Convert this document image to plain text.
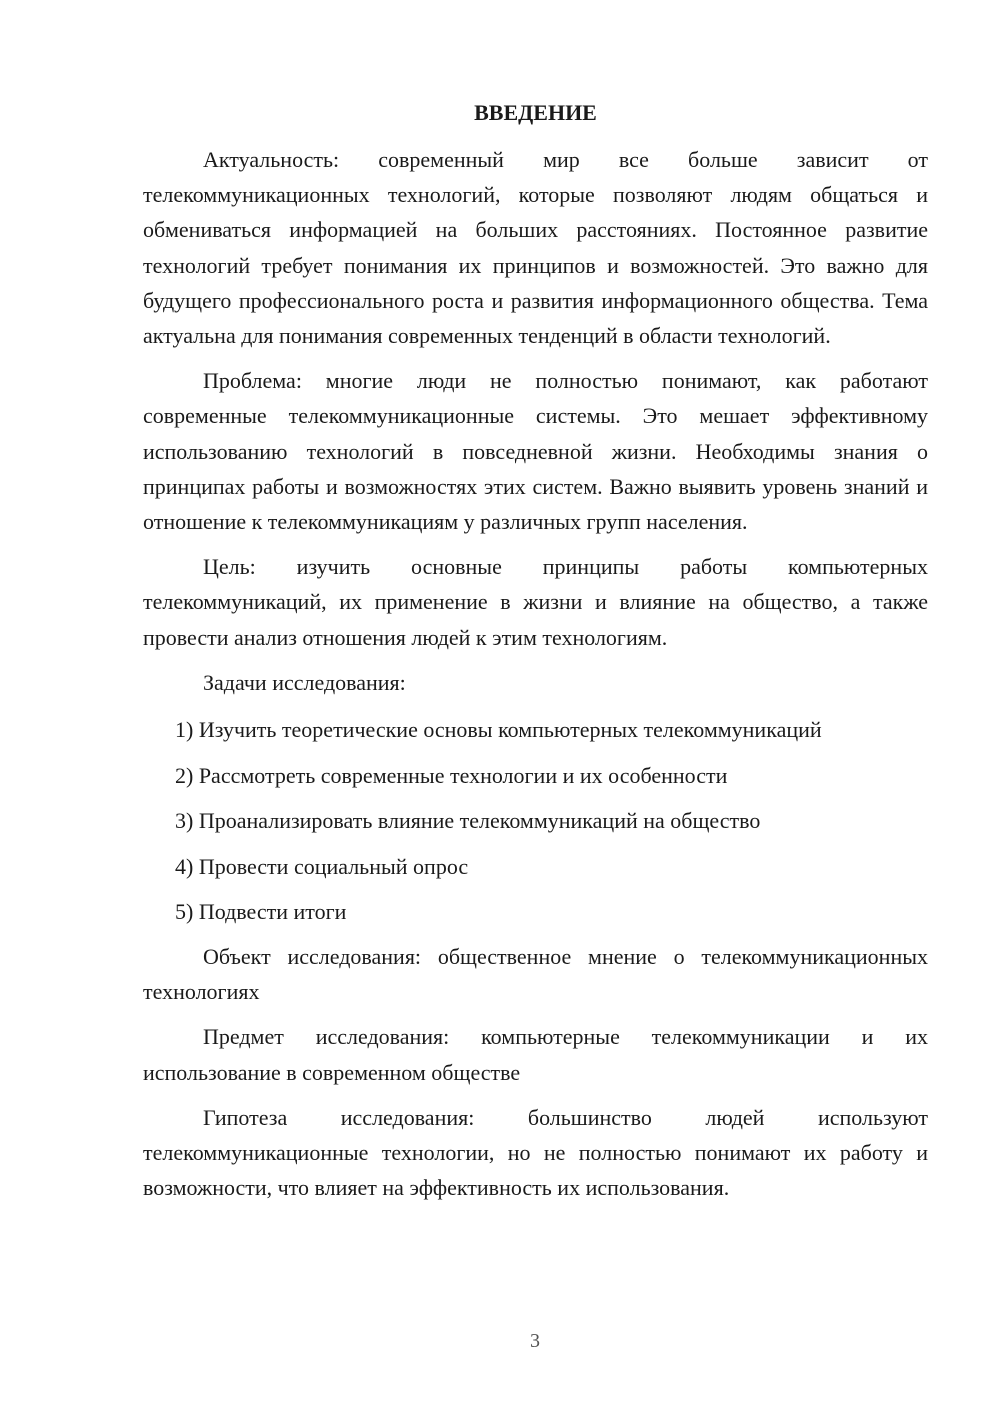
ВВЕДЕНИЕ

Актуальность: современный мир все больше зависит от телекоммуникационных технологий, которые позволяют людям общаться и обмениваться информацией на больших расстояниях. Постоянное развитие технологий требует понимания их принципов и возможностей. Это важно для будущего профессионального роста и развития информационного общества. Тема актуальна для понимания современных тенденций в области технологий.

Проблема: многие люди не полностью понимают, как работают современные телекоммуникационные системы. Это мешает эффективному использованию технологий в повседневной жизни. Необходимы знания о принципах работы и возможностях этих систем. Важно выявить уровень знаний и отношение к телекоммуникациям у различных групп населения.

Цель: изучить основные принципы работы компьютерных телекоммуникаций, их применение в жизни и влияние на общество, а также провести анализ отношения людей к этим технологиям.

Задачи исследования:

1) Изучить теоретические основы компьютерных телекоммуникаций
2) Рассмотреть современные технологии и их особенности
3) Проанализировать влияние телекоммуникаций на общество
4) Провести социальный опрос
5) Подвести итоги

Объект исследования: общественное мнение о телекоммуникационных технологиях

Предмет исследования: компьютерные телекоммуникации и их использование в современном обществе

Гипотеза исследования: большинство людей используют телекоммуникационные технологии, но не полностью понимают их работу и возможности, что влияет на эффективность их использования.

3
